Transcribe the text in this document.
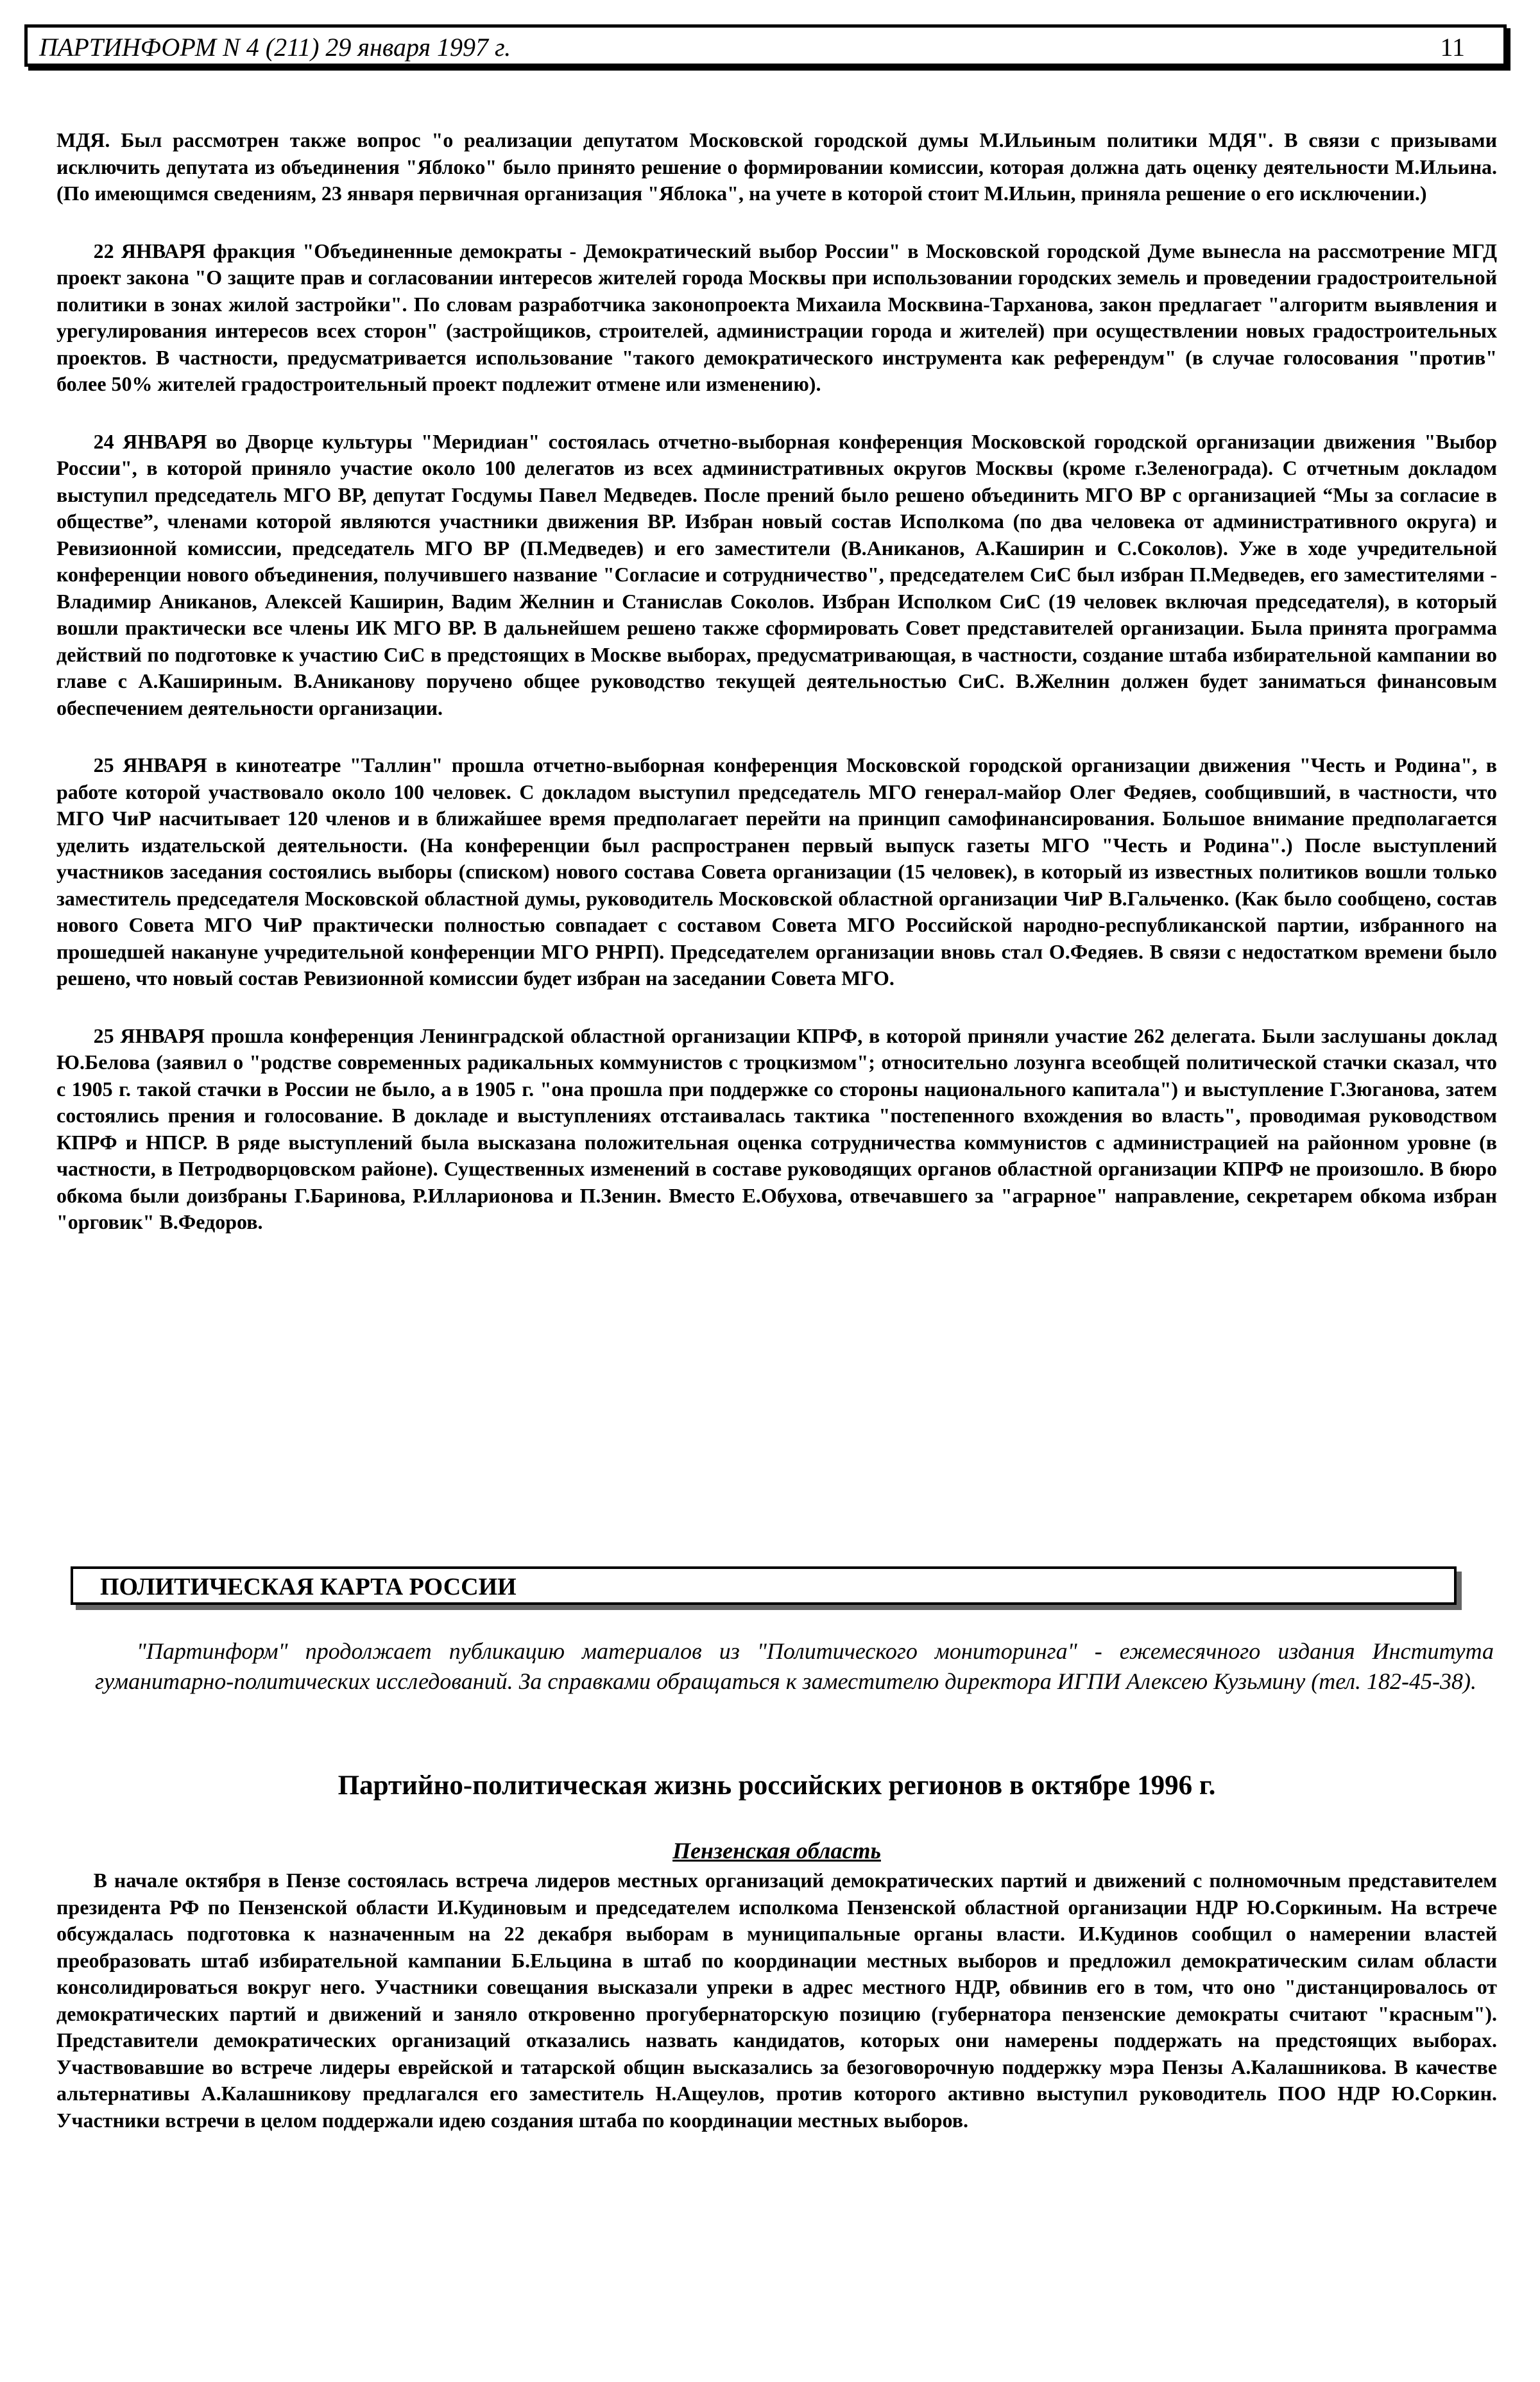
ПАРТИНФОРМ N 4 (211) 29 января 1997 г.	11

МДЯ. Был рассмотрен также вопрос "о реализации депутатом Московской городской думы М.Ильиным политики МДЯ". В связи с призывами исключить депутата из объединения "Яблоко" было принято решение о формировании комиссии, которая должна дать оценку деятельности М.Ильина. (По имеющимся сведениям, 23 января первичная организация "Яблока", на учете в которой стоит М.Ильин, приняла решение о его исключении.)

22 ЯНВАРЯ фракция "Объединенные демократы - Демократический выбор России" в Московской городской Думе вынесла на рассмотрение МГД проект закона "О защите прав и согласовании интересов жителей города Москвы при использовании городских земель и проведении градостроительной политики в зонах жилой застройки". По словам разработчика законопроекта Михаила Москвина-Тарханова, закон предлагает "алгоритм выявления и урегулирования интересов всех сторон" (застройщиков, строителей, администрации города и жителей) при осуществлении новых градостроительных проектов. В частности, предусматривается использование "такого демократического инструмента как референдум" (в случае голосования "против" более 50% жителей градостроительный проект подлежит отмене или изменению).

24 ЯНВАРЯ во Дворце культуры "Меридиан" состоялась отчетно-выборная конференция Московской городской организации движения "Выбор России", в которой приняло участие около 100 делегатов из всех административных округов Москвы (кроме г.Зеленограда). С отчетным докладом выступил председатель МГО ВР, депутат Госдумы Павел Медведев. После прений было решено объединить МГО ВР с организацией “Мы за согласие в обществе”, членами которой являются участники движения ВР. Избран новый состав Исполкома (по два человека от административного округа) и Ревизионной комиссии, председатель МГО ВР (П.Медведев) и его заместители (В.Аниканов, А.Каширин и С.Соколов). Уже в ходе учредительной конференции нового объединения, получившего название "Согласие и сотрудничество", председателем СиС был избран П.Медведев, его заместителями - Владимир Аниканов, Алексей Каширин, Вадим Желнин и Станислав Соколов. Избран Исполком СиС (19 человек включая председателя), в который вошли практически все члены ИК МГО ВР. В дальнейшем решено также сформировать Совет представителей организации. Была принята программа действий по подготовке к участию СиС в предстоящих в Москве выборах, предусматривающая, в частности, создание штаба избирательной кампании во главе с А.Кашириным. В.Аниканову поручено общее руководство текущей деятельностью СиС. В.Желнин должен будет заниматься финансовым обеспечением деятельности организации.

25 ЯНВАРЯ в кинотеатре "Таллин" прошла отчетно-выборная конференция Московской городской организации движения "Честь и Родина", в работе которой участвовало около 100 человек. С докладом выступил председатель МГО генерал-майор Олег Федяев, сообщивший, в частности, что МГО ЧиР насчитывает 120 членов и в ближайшее время предполагает перейти на принцип самофинансирования. Большое внимание предполагается уделить издательской деятельности. (На конференции был распространен первый выпуск газеты МГО "Честь и Родина".) После выступлений участников заседания состоялись выборы (списком) нового состава Совета организации (15 человек), в который из известных политиков вошли только заместитель председателя Московской областной думы, руководитель Московской областной организации ЧиР В.Гальченко. (Как было сообщено, состав нового Совета МГО ЧиР практически полностью совпадает с составом Совета МГО Российской народно-республиканской партии, избранного на прошедшей накануне учредительной конференции МГО РНРП). Председателем организации вновь стал О.Федяев. В связи с недостатком времени было решено, что новый состав Ревизионной комиссии будет избран на заседании Совета МГО.

25 ЯНВАРЯ прошла конференция Ленинградской областной организации КПРФ, в которой приняли участие 262 делегата. Были заслушаны доклад Ю.Белова (заявил о "родстве современных радикальных коммунистов с троцкизмом"; относительно лозунга всеобщей политической стачки сказал, что с 1905 г. такой стачки в России не было, а в 1905 г. "она прошла при поддержке со стороны национального капитала") и выступление Г.Зюганова, затем состоялись прения и голосование. В докладе и выступлениях отстаивалась тактика "постепенного вхождения во власть", проводимая руководством КПРФ и НПСР. В ряде выступлений была высказана положительная оценка сотрудничества коммунистов с администрацией на районном уровне (в частности, в Петродворцовском районе). Существенных изменений в составе руководящих органов областной организации КПРФ не произошло. В бюро обкома были доизбраны Г.Баринова, Р.Илларионова и П.Зенин. Вместо Е.Обухова, отвечавшего за "аграрное" направление, секретарем обкома избран "орговик" В.Федоров.

ПОЛИТИЧЕСКАЯ КАРТА РОССИИ

"Партинформ" продолжает публикацию материалов из "Политического мониторинга" - ежемесячного издания Института гуманитарно-политических исследований. За справками обращаться к заместителю директора ИГПИ Алексею Кузьмину (тел. 182-45-38).

Партийно-политическая жизнь российских регионов в октябре 1996 г.
Пензенская область

В начале октября в Пензе состоялась встреча лидеров местных организаций демократических партий и движений с полномочным представителем президента РФ по Пензенской области И.Кудиновым и председателем исполкома Пензенской областной организации НДР Ю.Соркиным. На встрече обсуждалась подготовка к назначенным на 22 декабря выборам в муниципальные органы власти. И.Кудинов сообщил о намерении властей преобразовать штаб избирательной кампании Б.Ельцина в штаб по координации местных выборов и предложил демократическим силам области консолидироваться вокруг него. Участники совещания высказали упреки в адрес местного НДР, обвинив его в том, что оно "дистанцировалось от демократических партий и движений и заняло откровенно прогубернаторскую позицию (губернатора пензенские демократы считают "красным"). Представители демократических организаций отказались назвать кандидатов, которых они намерены поддержать на предстоящих выборах. Участвовавшие во встрече лидеры еврейской и татарской общин высказались за безоговорочную поддержку мэра Пензы А.Калашникова. В качестве альтернативы А.Калашникову предлагался его заместитель Н.Ащеулов, против которого активно выступил руководитель ПОО НДР Ю.Соркин. Участники встречи в целом поддержали идею создания штаба по координации местных выборов.
